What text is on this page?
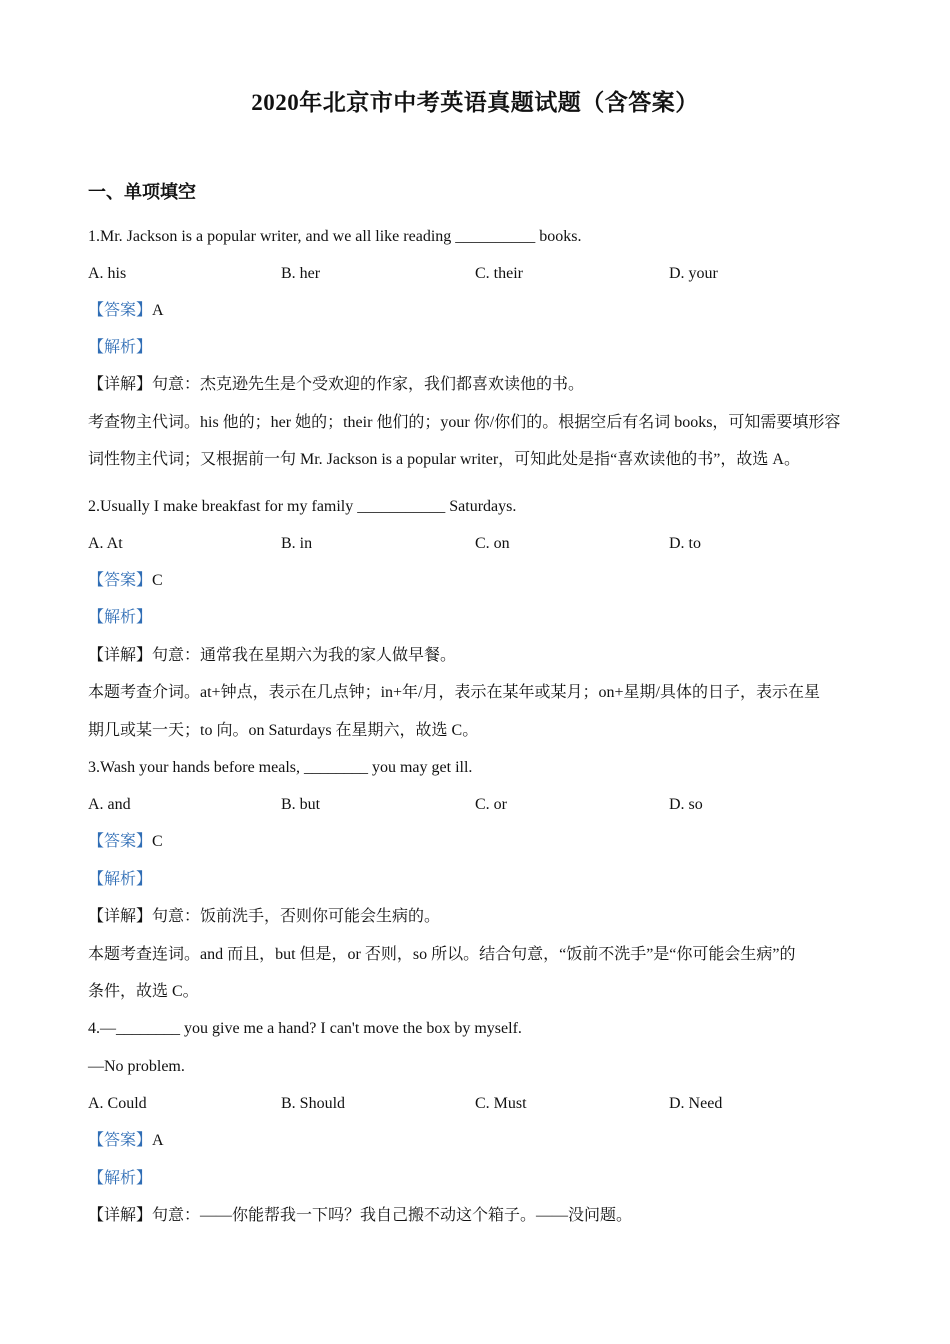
2020年北京市中考英语真题试题（含答案）
一、单项填空
1.Mr. Jackson is a popular writer, and we all like reading __________ books.
A. his	B. her	C. their	D. your
【答案】A
【解析】
【详解】句意：杰克逊先生是个受欢迎的作家，我们都喜欢读他的书。
考查物主代词。his 他的；her 她的；their 他们的；your 你/你们的。根据空后有名词 books，可知需要填形容
词性物主代词；又根据前一句 Mr. Jackson is a popular writer，可知此处是指“喜欢读他的书”，故选 A。
2.Usually I make breakfast for my family ___________ Saturdays.
A. At	B. in	C. on	D. to
【答案】C
【解析】
【详解】句意：通常我在星期六为我的家人做早餐。
本题考查介词。at+钟点，表示在几点钟；in+年/月，表示在某年或某月；on+星期/具体的日子，表示在星
期几或某一天；to 向。on Saturdays 在星期六，故选 C。
3.Wash your hands before meals, ________ you may get ill.
A. and	B. but	C. or	D. so
【答案】C
【解析】
【详解】句意：饭前洗手，否则你可能会生病的。
本题考查连词。and 而且，but 但是，or 否则，so 所以。结合句意，“饭前不洗手”是“你可能会生病”的
条件，故选 C。
4.—________ you give me a hand? I can't move the box by myself.
—No problem.
A. Could	B. Should	C. Must	D. Need
【答案】A
【解析】
【详解】句意：——你能帮我一下吗？我自己搬不动这个箱子。——没问题。
